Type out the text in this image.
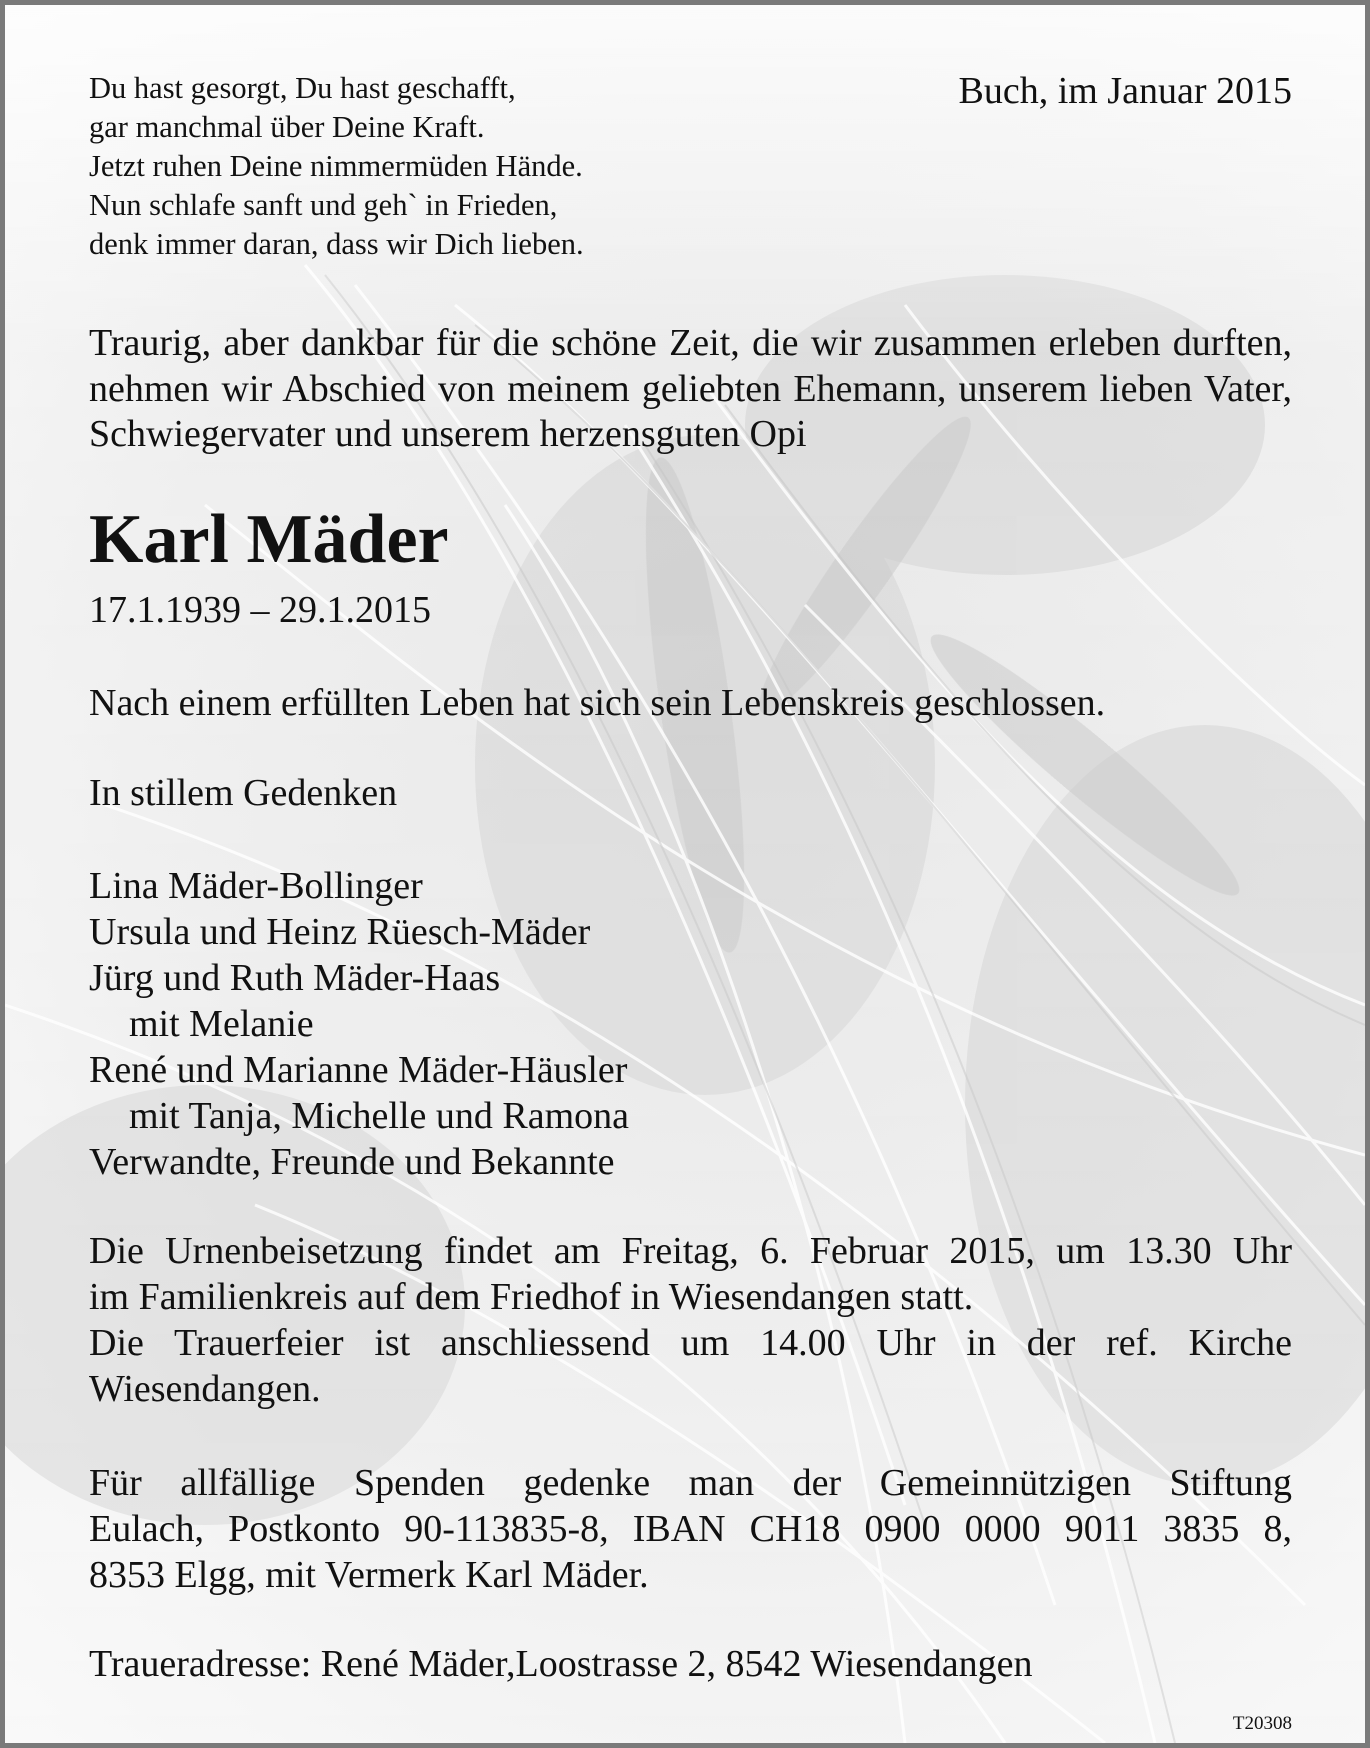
Du hast gesorgt, Du hast geschafft,
gar manchmal über Deine Kraft.
Jetzt ruhen Deine nimmermüden Hände.
Nun schlafe sanft und geh` in Frieden,
denk immer daran, dass wir Dich lieben.
Buch, im Januar 2015
Traurig, aber dankbar für die schöne Zeit, die wir zusammen erleben durften, nehmen wir Abschied von meinem geliebten Ehemann, unserem lieben Vater, Schwiegervater und unserem herzensguten Opi
Karl Mäder
17.1.1939 – 29.1.2015
Nach einem erfüllten Leben hat sich sein Lebenskreis geschlossen.
In stillem Gedenken
Lina Mäder-Bollinger
Ursula und Heinz Rüesch-Mäder
Jürg und Ruth Mäder-Haas
mit Melanie
René und Marianne Mäder-Häusler
mit Tanja, Michelle und Ramona
Verwandte, Freunde und Bekannte

Die Urnenbeisetzung findet am Freitag, 6. Februar 2015, um 13.30 Uhr

im Familienkreis auf dem Friedhof in Wiesendangen statt.

Die Trauerfeier ist anschliessend um 14.00 Uhr in der ref. Kirche

Wiesendangen.

Für allfällige Spenden gedenke man der Gemeinnützigen Stiftung

Eulach, Postkonto 90-113835-8, IBAN CH18 0900 0000 9011 3835 8,

8353 Elgg, mit Vermerk Karl Mäder.

Traueradresse: René Mäder,Loostrasse 2, 8542 Wiesendangen
T20308
